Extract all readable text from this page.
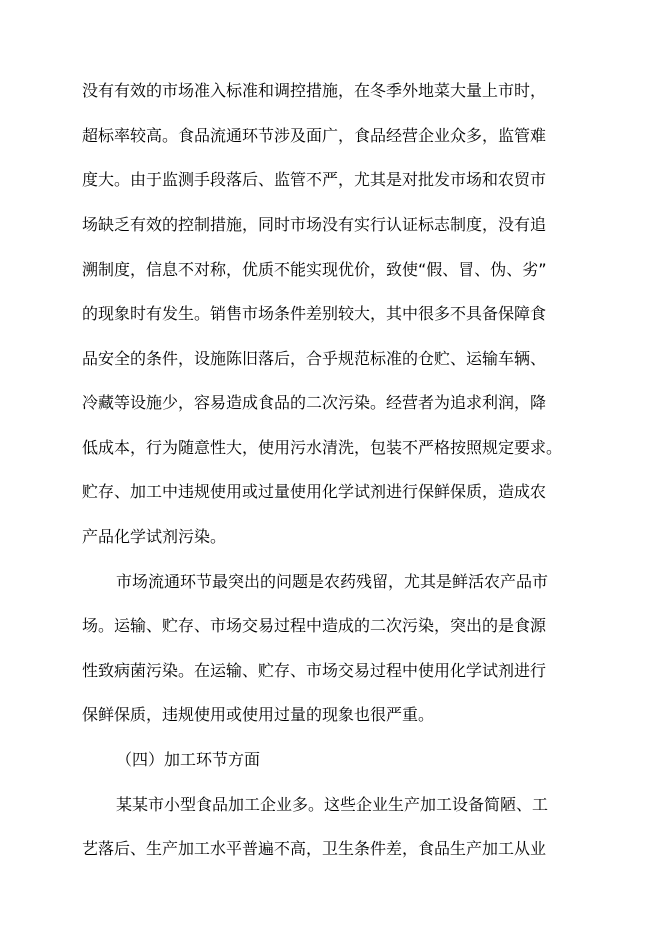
没有有效的市场准入标准和调控措施，在冬季外地菜大量上市时，
超标率较高。食品流通环节涉及面广，食品经营企业众多，监管难
度大。由于监测手段落后、监管不严，尤其是对批发市场和农贸市
场缺乏有效的控制措施，同时市场没有实行认证标志制度，没有追
溯制度，信息不对称，优质不能实现优价，致使“假、冒、伪、劣”
的现象时有发生。销售市场条件差别较大，其中很多不具备保障食
品安全的条件，设施陈旧落后，合乎规范标准的仓贮、运输车辆、
冷藏等设施少，容易造成食品的二次污染。经营者为追求利润，降
低成本，行为随意性大，使用污水清洗，包装不严格按照规定要求。
贮存、加工中违规使用或过量使用化学试剂进行保鲜保质，造成农
产品化学试剂污染。
市场流通环节最突出的问题是农药残留，尤其是鲜活农产品市
场。运输、贮存、市场交易过程中造成的二次污染，突出的是食源
性致病菌污染。在运输、贮存、市场交易过程中使用化学试剂进行
保鲜保质，违规使用或使用过量的现象也很严重。
（四）加工环节方面
某某市小型食品加工企业多。这些企业生产加工设备简陋、工
艺落后、生产加工水平普遍不高，卫生条件差，食品生产加工从业
